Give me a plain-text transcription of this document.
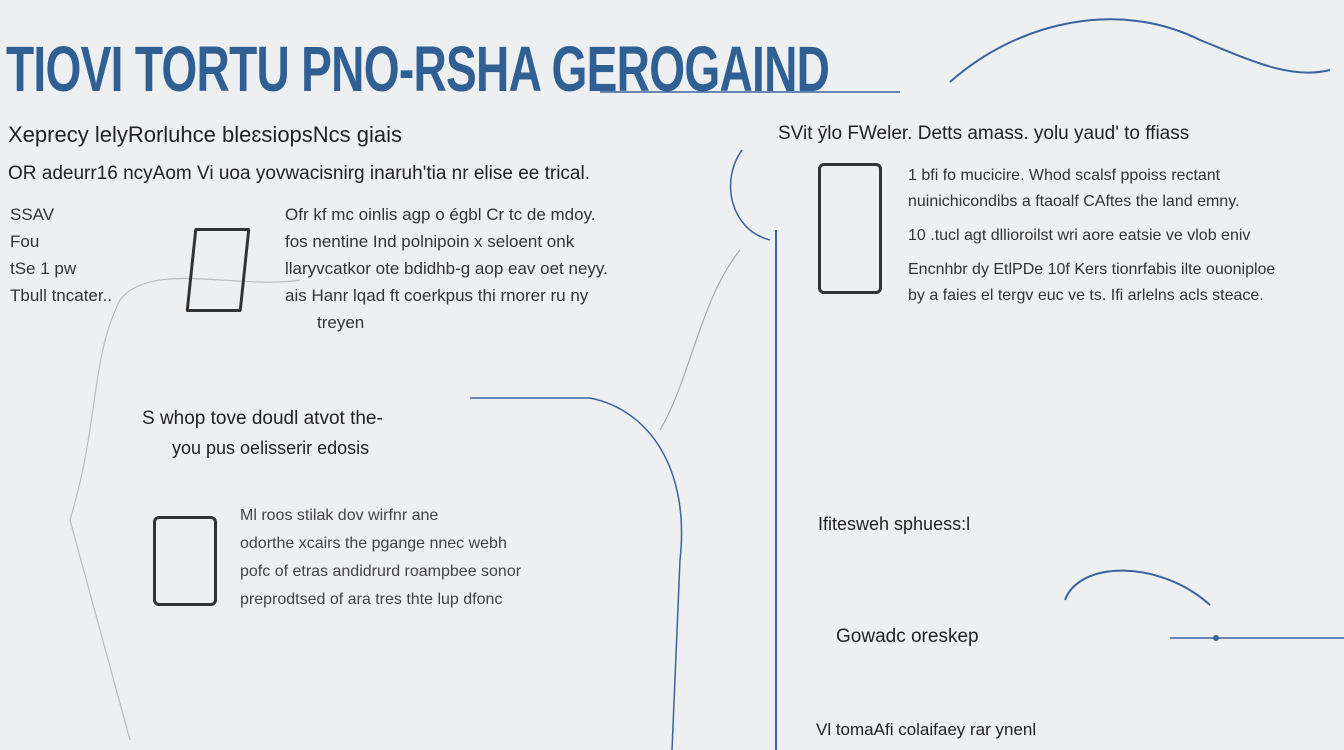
TIOVI TORTU PNO-RSHA GEROGAIND
Xepreсy lelyRorluhce bleɛsiopsNcs giais
OR adeurr16 ncyAom Vi uoa yovwacisnirg inaruh'tia nr elise ee trical.
SSAV
Fou
tSe 1 pw
Tbull tncater..
Ofr kf mc oinlis agp o égbl Cr tc de mdoy.
fos nentine Ind polnipoin x seloent onk
llaryvcatkor ote bdidhb-g aop eav oet neyy.
ais Hanr lqad ft coerkpus thi rnorer ru ny
treyen
S whop tove doudl atvot the-
you pus oelisserir edosis
Ml roos stilak dov wirfnr ane
odorthe xcairs the pgange nnec webh
pofc of etras andidrurd roampbee sonor
preprodtsed of ara tres thte lup dfonc
SVit ȳlo FWeler. Detts amass. yolu yaud' to ffiass
1 bfi fo mucicire. Whod scalsf ppoiss rectant
nuinichicondibs a ftaoalf CAftes the land emny.
10 .tucl agt dllioroilst wri aore eatsie ve vlob eniv
Encnhbr dy EtlPDe 10f Kers tionrfabis ilte ouoniploe
by a faies el tergv euc ve ts. Ifi arlelns acls steace.
Ifitesweh sphuess:l
Gowadc oreskep
Vl tomaAfi colaifaey rar ynenl
